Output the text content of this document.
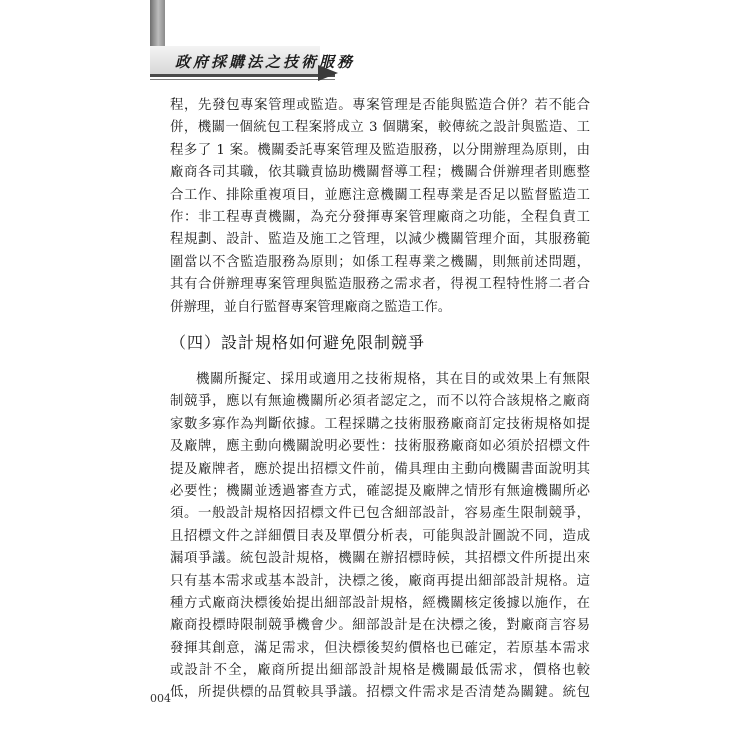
政府採購法之技術服務
程，先發包專案管理或監造。專案管理是否能與監造合併？若不能合
併，機關一個統包工程案將成立 3 個購案，較傳統之設計與監造、工
程多了 1 案。機關委託專案管理及監造服務，以分開辦理為原則，由
廠商各司其職，依其職責協助機關督導工程；機關合併辦理者則應整
合工作、排除重複項目，並應注意機關工程專業是否足以監督監造工
作：非工程專責機關，為充分發揮專案管理廠商之功能，全程負責工
程規劃、設計、監造及施工之管理，以減少機關管理介面，其服務範
圍當以不含監造服務為原則；如係工程專業之機關，則無前述問題，
其有合併辦理專案管理與監造服務之需求者，得視工程特性將二者合
併辦理，並自行監督專案管理廠商之監造工作。
（四）設計規格如何避免限制競爭
機關所擬定、採用或適用之技術規格，其在目的或效果上有無限
制競爭，應以有無逾機關所必須者認定之，而不以符合該規格之廠商
家數多寡作為判斷依據。工程採購之技術服務廠商訂定技術規格如提
及廠牌，應主動向機關說明必要性：技術服務廠商如必須於招標文件
提及廠牌者，應於提出招標文件前，備具理由主動向機關書面說明其
必要性；機關並透過審查方式，確認提及廠牌之情形有無逾機關所必
須。一般設計規格因招標文件已包含細部設計，容易產生限制競爭，
且招標文件之詳細價目表及單價分析表，可能與設計圖說不同，造成
漏項爭議。統包設計規格，機關在辦招標時候，其招標文件所提出來
只有基本需求或基本設計，決標之後，廠商再提出細部設計規格。這
種方式廠商決標後始提出細部設計規格，經機關核定後據以施作，在
廠商投標時限制競爭機會少。細部設計是在決標之後，對廠商言容易
發揮其創意，滿足需求，但決標後契約價格也已確定，若原基本需求
或設計不全，廠商所提出細部設計規格是機關最低需求，價格也較
低，所提供標的品質較具爭議。招標文件需求是否清楚為關鍵。統包
004
